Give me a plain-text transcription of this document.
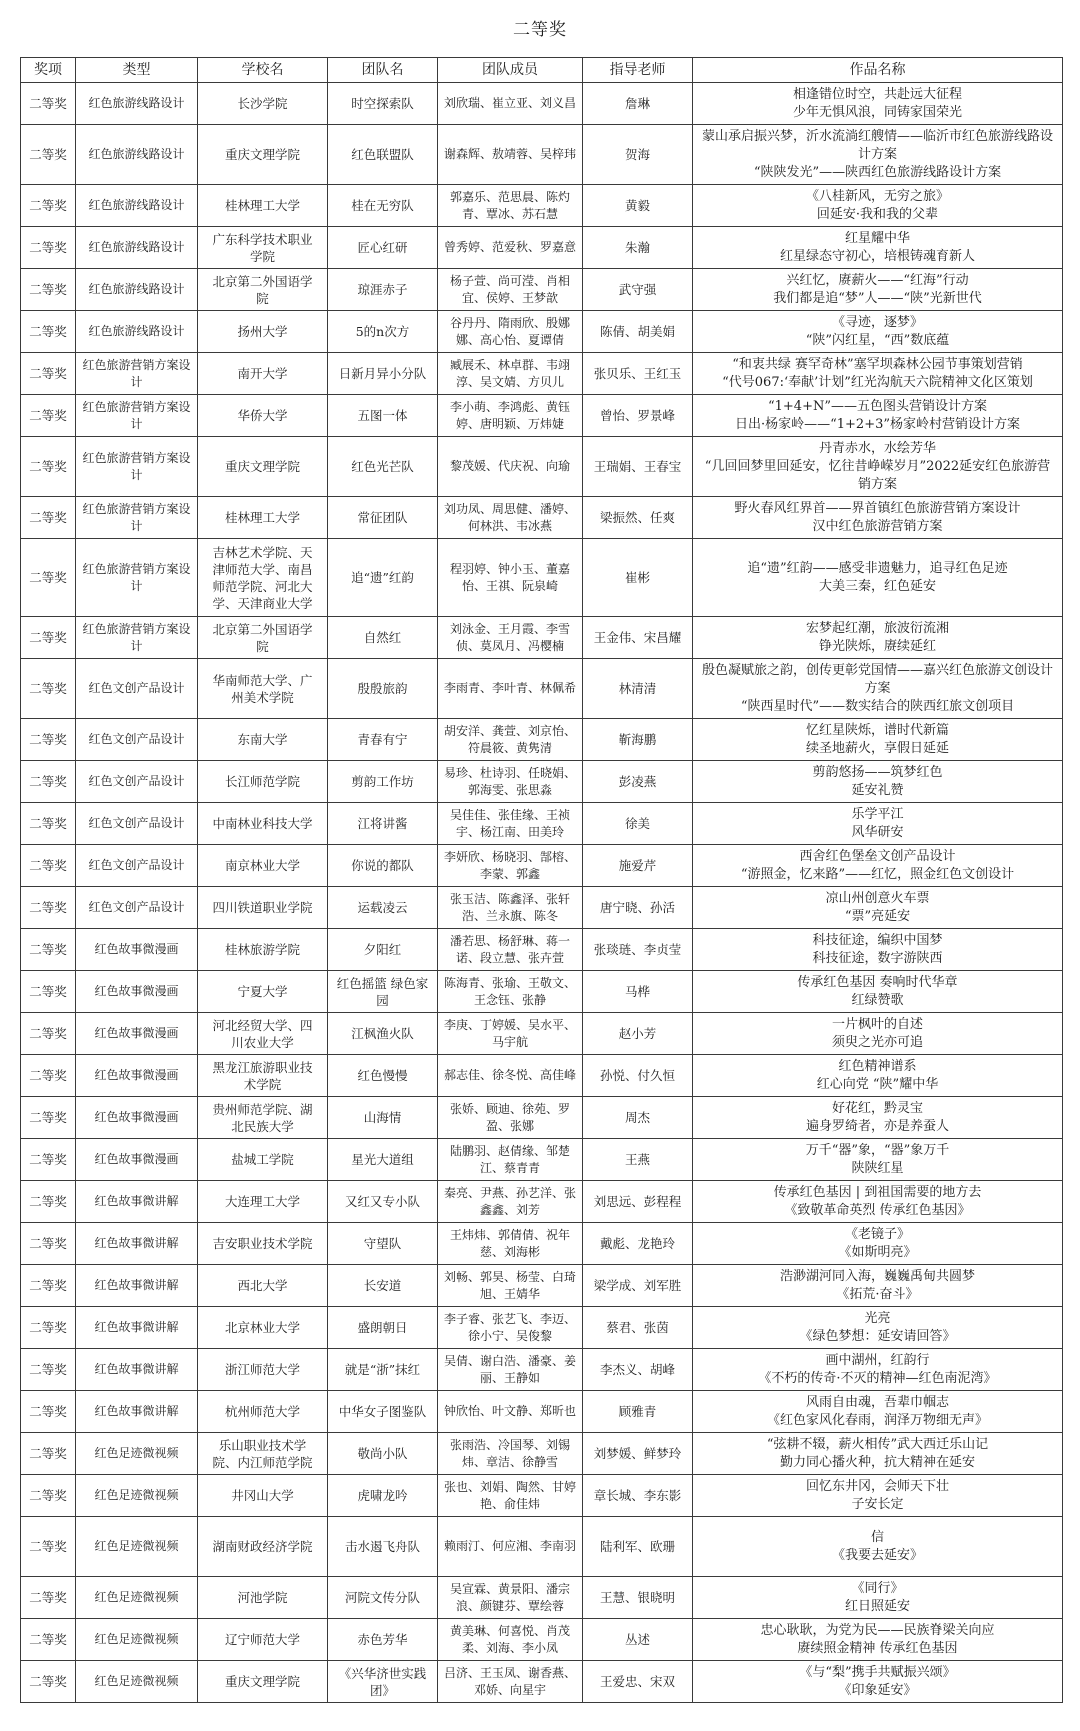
二等奖
奖项	类型	学校名	团队名	团队成员	指导老师	作品名称

二等奖	红色旅游线路设计	长沙学院	时空探索队	刘欣瑞、崔立亚、刘义昌	詹琳	相逢错位时空，共赴远大征程
少年无惧风浪，同铸家国荣光

二等奖	红色旅游线路设计	重庆文理学院	红色联盟队	谢森辉、敖靖蓉、吴梓玮	贺海	蒙山承启振兴梦，沂水流淌红艘情——临沂市红色旅游线路设计方案
“陕陕发光”——陕西红色旅游线路设计方案

二等奖	红色旅游线路设计	桂林理工大学	桂在无穷队	郭嘉乐、范思晨、陈灼青、覃冰、苏石慧	黄毅	《八桂新风，无穷之旅》
回延安·我和我的父辈

二等奖	红色旅游线路设计	广东科学技术职业学院	匠心红研	曾秀婷、范爱秋、罗嘉意	朱瀚	红星耀中华
红星绿态守初心，培根铸魂育新人

二等奖	红色旅游线路设计	北京第二外国语学院	琼涯赤子	杨子萱、尚可滢、肖相宜、侯婷、王梦歆	武守强	兴红忆，赓薪火——“红海”行动
我们都是追“梦”人——“陕”光新世代

二等奖	红色旅游线路设计	扬州大学	5的n次方	谷丹丹、隋雨欣、殷娜娜、高心怡、夏谭倩	陈倩、胡美娟	《寻迹，逐梦》
“陕”闪红星，“西”数底蕴

二等奖	红色旅游营销方案设计	南开大学	日新月异小分队	臧展禾、林卓群、韦翊淳、吴文婧、方贝儿	张贝乐、王红玉	“和衷共绿 赛罕奇林”塞罕坝森林公园节事策划营销
“代号067:‘奉献’计划”红光沟航天六院精神文化区策划

二等奖	红色旅游营销方案设计	华侨大学	五图一体	李小萌、李鸿彪、黄钰婷、唐明颖、万炜婕	曾怡、罗景峰	“1+4+N”——五色图头营销设计方案
日出·杨家岭——“1+2+3”杨家岭村营销设计方案

二等奖	红色旅游营销方案设计	重庆文理学院	红色光芒队	黎茂媛、代庆祝、向瑜	王瑞娟、王春宝	丹青赤水，水绘芳华
“几回回梦里回延安，忆往昔峥嵘岁月”2022延安红色旅游营销方案

二等奖	红色旅游营销方案设计	桂林理工大学	常征团队	刘功凤、周思健、潘婷、何林洪、韦冰燕	梁振然、任爽	野火春风红界首——界首镇红色旅游营销方案设计
汉中红色旅游营销方案

二等奖	红色旅游营销方案设计	吉林艺术学院、天津师范大学、南昌师范学院、河北大学、天津商业大学	追“遗”红韵	程羽婷、钟小玉、董嘉怡、王祺、阮泉崎	崔彬	追“遗”红韵——感受非遗魅力，追寻红色足迹
大美三秦，红色延安

二等奖	红色旅游营销方案设计	北京第二外国语学院	自然红	刘泳金、王月霞、李雪侦、莫凤月、冯樱楠	王金伟、宋昌耀	宏梦起红潮，旅波衍流湘
铮光陕烁，赓续延红

二等奖	红色文创产品设计	华南师范大学、广州美术学院	殷殷旅韵	李雨青、李叶青、林佩希	林清清	殷色凝赋旅之韵，创传更彰党国情——嘉兴红色旅游文创设计方案
“陕西星时代”——数实结合的陕西红旅文创项目

二等奖	红色文创产品设计	东南大学	青春有宁	胡安洋、龚萱、刘京怡、符晨筱、黄隽清	靳海鹏	忆红星陕烁，谱时代新篇
续圣地薪火，享假日延延

二等奖	红色文创产品设计	长江师范学院	剪韵工作坊	易珍、杜诗羽、任晓娟、郭海雯、张思淼	彭凌燕	剪韵悠扬——筑梦红色
延安礼赞

二等奖	红色文创产品设计	中南林业科技大学	江将讲酱	吴佳佳、张佳缘、王祯宇、杨江南、田美玲	徐美	乐学平江
风华研安

二等奖	红色文创产品设计	南京林业大学	你说的都队	李妍欣、杨晓羽、郜榕、李蒙、郭鑫	施爱芹	西舍红色堡垒文创产品设计
“游照金，忆来路”——红忆，照金红色文创设计

二等奖	红色文创产品设计	四川铁道职业学院	运载凌云	张玉洁、陈鑫泽、张轩浩、兰永旗、陈冬	唐宁晓、孙活	凉山州创意火车票
“票”亮延安

二等奖	红色故事微漫画	桂林旅游学院	夕阳红	潘若思、杨舒琳、蒋一诺、段立慧、张卉萱	张琰琏、李贞莹	科技征途，编织中国梦
科技征途，数字游陕西

二等奖	红色故事微漫画	宁夏大学	红色摇篮 绿色家园	陈海青、张瑜、王敬文、王念钰、张静	马桦	传承红色基因 奏响时代华章
红绿赞歌

二等奖	红色故事微漫画	河北经贸大学、四川农业大学	江枫渔火队	李庚、丁婷媛、吴水平、马宇航	赵小芳	一片枫叶的自述
须臾之光亦可追

二等奖	红色故事微漫画	黑龙江旅游职业技术学院	红色慢慢	郝志佳、徐冬悦、高佳峰	孙悦、付久恒	红色精神谱系
红心向党 “陕”耀中华

二等奖	红色故事微漫画	贵州师范学院、湖北民族大学	山海情	张娇、顾迪、徐苑、罗盈、张娜	周杰	好花红，黔灵宝
遍身罗绮者，亦是养蚕人

二等奖	红色故事微漫画	盐城工学院	星光大道组	陆鹏羽、赵倩缘、邹楚江、蔡青青	王燕	万千“器”象，“器”象万千
陕陕红星

二等奖	红色故事微讲解	大连理工大学	又红又专小队	秦亮、尹燕、孙艺洋、张鑫鑫、刘芳	刘思远、彭程程	传承红色基因 | 到祖国需要的地方去
《致敬革命英烈 传承红色基因》

二等奖	红色故事微讲解	吉安职业技术学院	守望队	王炜炜、郭倩倩、祝年慈、刘海彬	戴彪、龙艳玲	《老镜子》
《如斯明亮》

二等奖	红色故事微讲解	西北大学	长安道	刘畅、郭昊、杨莹、白琦旭、王婧华	梁学成、刘军胜	浩渺湖河同入海，巍巍禹甸共圆梦
《拓荒·奋斗》

二等奖	红色故事微讲解	北京林业大学	盛朗朝日	李子睿、张艺飞、李迈、徐小宁、吴俊黎	蔡君、张茵	光亮
《绿色梦想：延安请回答》

二等奖	红色故事微讲解	浙江师范大学	就是“浙”抹红	吴倩、谢白浩、潘豪、姜丽、王静如	李杰义、胡峰	画中湖州，红韵行
《不朽的传奇·不灭的精神—红色南泥湾》

二等奖	红色故事微讲解	杭州师范大学	中华女子图鉴队	钟欣怡、叶文静、郑昕也	顾雅青	风雨自由魂，吾辈巾帼志
《红色家风化春雨，润泽万物细无声》

二等奖	红色足迹微视频	乐山职业技术学院、内江师范学院	敬尚小队	张雨浩、冷国琴、刘锡炜、章洁、徐静雪	刘梦媛、鲜梦玲	“弦耕不辍，薪火相传”武大西迁乐山记
勤力同心播火种，抗大精神在延安

二等奖	红色足迹微视频	井冈山大学	虎啸龙吟	张也、刘娟、陶然、甘婷艳、俞佳炜	章长城、李东影	回忆东井冈，会师天下壮
子安长定

二等奖	红色足迹微视频	湖南财政经济学院	击水遏飞舟队	赖雨汀、何应湘、李南羽	陆利军、欧珊	信
《我要去延安》

二等奖	红色足迹微视频	河池学院	河院文传分队	吴宣霖、黄景阳、潘宗浪、颜键芬、覃绘蓉	王慧、银晓明	《同行》
红日照延安

二等奖	红色足迹微视频	辽宁师范大学	赤色芳华	黄美琳、何喜悦、肖茂柔、刘海、李小凤	丛述	忠心耿耿，为党为民——民族脊梁关向应
赓续照金精神 传承红色基因

二等奖	红色足迹微视频	重庆文理学院	《兴华济世实践团》	吕济、王玉凤、谢香燕、邓娇、向星宇	王爱忠、宋双	《与“梨”携手共赋振兴颂》
《印象延安》
